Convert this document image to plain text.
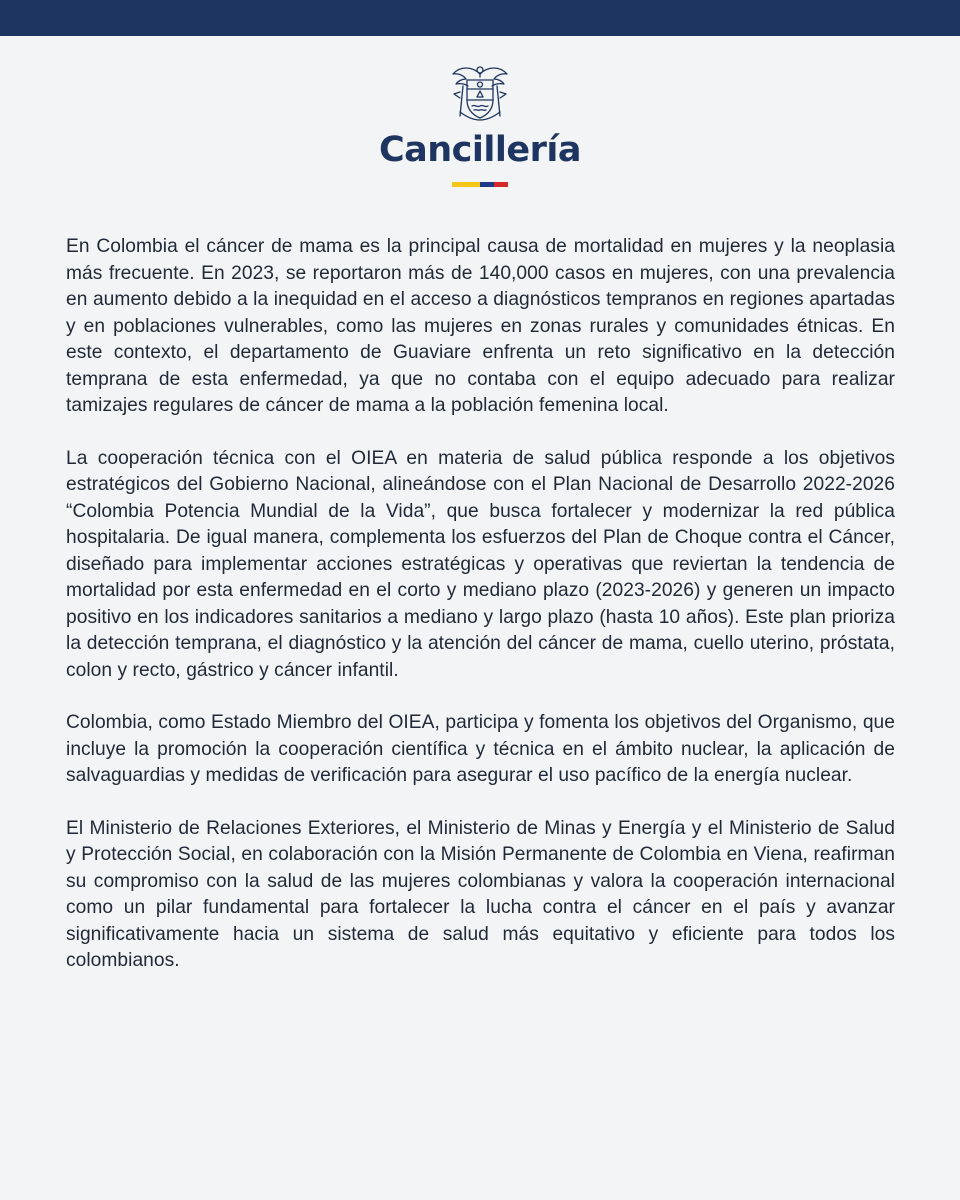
Cancillería

En Colombia el cáncer de mama es la principal causa de mortalidad en mujeres y la neoplasia más frecuente. En 2023, se reportaron más de 140,000 casos en mujeres, con una prevalencia en aumento debido a la inequidad en el acceso a diagnósticos tempranos en regiones apartadas y en poblaciones vulnerables, como las mujeres en zonas rurales y comunidades étnicas. En este contexto, el departamento de Guaviare enfrenta un reto significativo en la detección temprana de esta enfermedad, ya que no contaba con el equipo adecuado para realizar tamizajes regulares de cáncer de mama a la población femenina local.

La cooperación técnica con el OIEA en materia de salud pública responde a los objetivos estratégicos del Gobierno Nacional, alineándose con el Plan Nacional de Desarrollo 2022-2026 “Colombia Potencia Mundial de la Vida”, que busca fortalecer y modernizar la red pública hospitalaria. De igual manera, complementa los esfuerzos del Plan de Choque contra el Cáncer, diseñado para implementar acciones estratégicas y operativas que reviertan la tendencia de mortalidad por esta enfermedad en el corto y mediano plazo (2023-2026) y generen un impacto positivo en los indicadores sanitarios a mediano y largo plazo (hasta 10 años). Este plan prioriza la detección temprana, el diagnóstico y la atención del cáncer de mama, cuello uterino, próstata, colon y recto, gástrico y cáncer infantil.

Colombia, como Estado Miembro del OIEA, participa y fomenta los objetivos del Organismo, que incluye la promoción la cooperación científica y técnica en el ámbito nuclear, la aplicación de salvaguardias y medidas de verificación para asegurar el uso pacífico de la energía nuclear.

El Ministerio de Relaciones Exteriores, el Ministerio de Minas y Energía y el Ministerio de Salud y Protección Social, en colaboración con la Misión Permanente de Colombia en Viena, reafirman su compromiso con la salud de las mujeres colombianas y valora la cooperación internacional como un pilar fundamental para fortalecer la lucha contra el cáncer en el país y avanzar significativamente hacia un sistema de salud más equitativo y eficiente para todos los colombianos.
